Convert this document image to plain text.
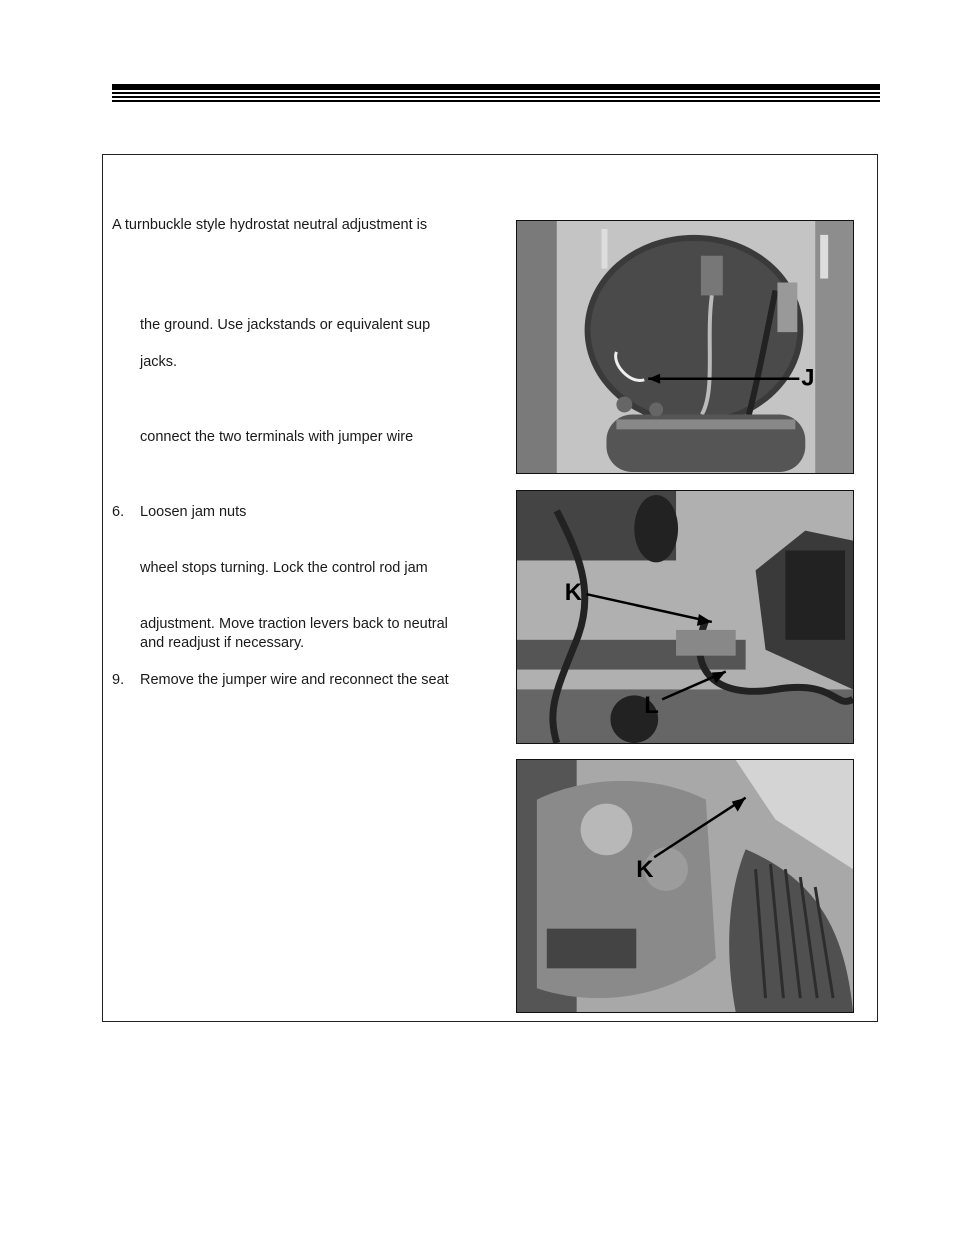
A turnbuckle style hydrostat neutral adjustment is
the ground. Use jackstands or equivalent sup
jacks.
connect the two terminals with jumper wire
6. Loosen jam nuts
wheel stops turning. Lock the control rod jam
adjustment. Move traction levers back to neutral
and readjust if necessary.
9. Remove the jumper wire and reconnect the seat
J
K
L
K
